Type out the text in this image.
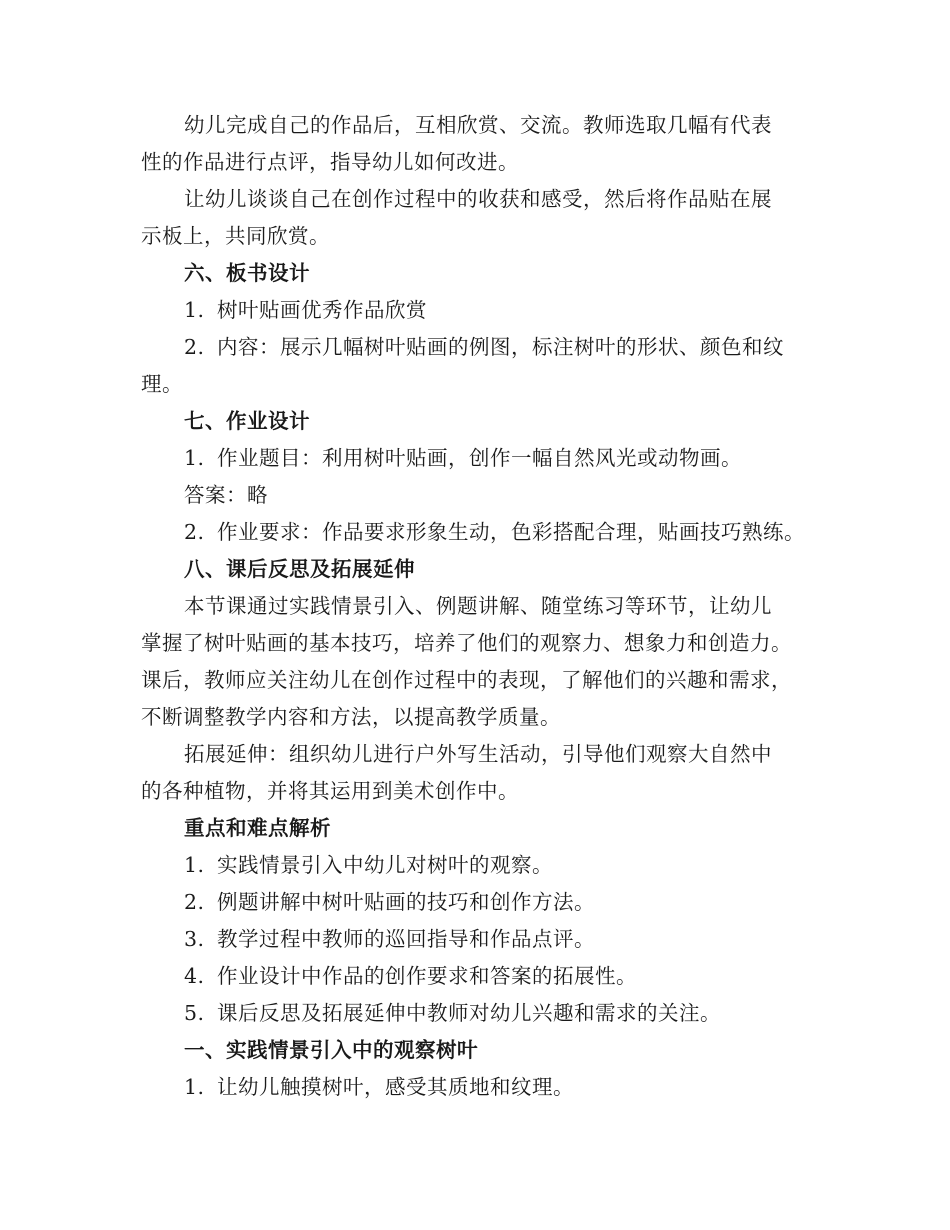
幼儿完成自己的作品后，互相欣赏、交流。教师选取几幅有代表
性的作品进行点评，指导幼儿如何改进。
让幼儿谈谈自己在创作过程中的收获和感受，然后将作品贴在展
示板上，共同欣赏。
六、板书设计
1. 树叶贴画优秀作品欣赏
2. 内容：展示几幅树叶贴画的例图，标注树叶的形状、颜色和纹
理。
七、作业设计
1. 作业题目：利用树叶贴画，创作一幅自然风光或动物画。
答案：略
2. 作业要求：作品要求形象生动，色彩搭配合理，贴画技巧熟练。
八、课后反思及拓展延伸
本节课通过实践情景引入、例题讲解、随堂练习等环节，让幼儿
掌握了树叶贴画的基本技巧，培养了他们的观察力、想象力和创造力。
课后，教师应关注幼儿在创作过程中的表现，了解他们的兴趣和需求，
不断调整教学内容和方法，以提高教学质量。
拓展延伸：组织幼儿进行户外写生活动，引导他们观察大自然中
的各种植物，并将其运用到美术创作中。
重点和难点解析
1. 实践情景引入中幼儿对树叶的观察。
2. 例题讲解中树叶贴画的技巧和创作方法。
3. 教学过程中教师的巡回指导和作品点评。
4. 作业设计中作品的创作要求和答案的拓展性。
5. 课后反思及拓展延伸中教师对幼儿兴趣和需求的关注。
一、实践情景引入中的观察树叶
1. 让幼儿触摸树叶，感受其质地和纹理。
